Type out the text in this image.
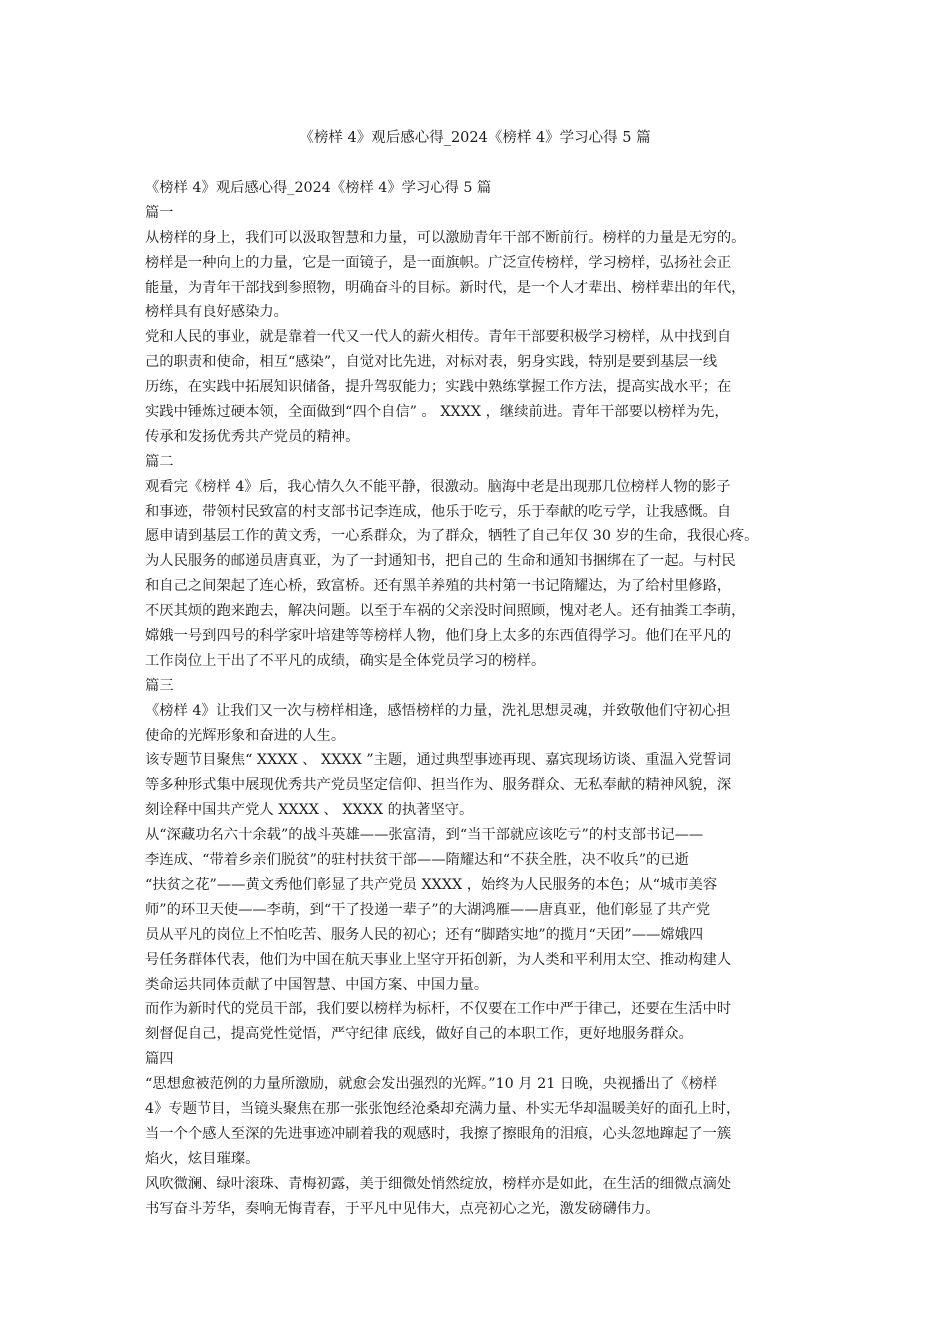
《榜样 4》观后感心得_2024《榜样 4》学习心得 5 篇

《榜样 4》观后感心得_2024《榜样 4》学习心得 5 篇

篇一

从榜样的身上，我们可以汲取智慧和力量，可以激励青年干部不断前行。榜样的力量是无穷的。

榜样是一种向上的力量，它是一面镜子，是一面旗帜。广泛宣传榜样，学习榜样，弘扬社会正

能量，为青年干部找到参照物，明确奋斗的目标。新时代，是一个人才辈出、榜样辈出的年代，

榜样具有良好感染力。

党和人民的事业，就是靠着一代又一代人的薪火相传。青年干部要积极学习榜样，从中找到自

己的职责和使命，相互“感染”，自觉对比先进，对标对表，躬身实践，特别是要到基层一线

历练，在实践中拓展知识储备，提升驾驭能力；实践中熟练掌握工作方法，提高实战水平；在

实践中锤炼过硬本领，全面做到“四个自信” 。 XXXX ，继续前进。青年干部要以榜样为先，

传承和发扬优秀共产党员的精神。

篇二

观看完《榜样 4》后，我心情久久不能平静，很激动。脑海中老是出现那几位榜样人物的影子

和事迹，带领村民致富的村支部书记李连成，他乐于吃亏，乐于奉献的吃亏学，让我感慨。自

愿申请到基层工作的黄文秀，一心系群众，为了群众，牺牲了自己年仅 30 岁的生命，我很心疼。

为人民服务的邮递员唐真亚，为了一封通知书，把自己的 生命和通知书捆绑在了一起。与村民

和自己之间架起了连心桥，致富桥。还有黑羊养殖的共村第一书记隋耀达，为了给村里修路，

不厌其烦的跑来跑去，解决问题。以至于车祸的父亲没时间照顾，愧对老人。还有抽粪工李萌，

嫦娥一号到四号的科学家叶培建等等榜样人物，他们身上太多的东西值得学习。他们在平凡的

工作岗位上干出了不平凡的成绩，确实是全体党员学习的榜样。

篇三

《榜样 4》让我们又一次与榜样相逢，感悟榜样的力量，洗礼思想灵魂，并致敬他们守初心担

使命的光辉形象和奋进的人生。

该专题节目聚焦“ XXXX 、 XXXX ”主题，通过典型事迹再现、嘉宾现场访谈、重温入党誓词

等多种形式集中展现优秀共产党员坚定信仰、担当作为、服务群众、无私奉献的精神风貌，深

刻诠释中国共产党人 XXXX 、 XXXX 的执著坚守。

从“深藏功名六十余载”的战斗英雄——张富清，到“当干部就应该吃亏”的村支部书记——

李连成、“带着乡亲们脱贫”的驻村扶贫干部——隋耀达和“不获全胜，决不收兵”的已逝

“扶贫之花”——黄文秀他们彰显了共产党员 XXXX ，始终为人民服务的本色；从“城市美容

师”的环卫天使——李萌，到“干了投递一辈子”的大湖鸿雁——唐真亚，他们彰显了共产党

员从平凡的岗位上不怕吃苦、服务人民的初心；还有“脚踏实地”的揽月“天团”——嫦娥四

号任务群体代表，他们为中国在航天事业上坚守开拓创新，为人类和平利用太空、推动构建人

类命运共同体贡献了中国智慧、中国方案、中国力量。

而作为新时代的党员干部，我们要以榜样为标杆，不仅要在工作中严于律己，还要在生活中时

刻督促自己，提高党性觉悟，严守纪律 底线，做好自己的本职工作，更好地服务群众。

篇四

“思想愈被范例的力量所激励，就愈会发出强烈的光辉。”10 月 21 日晚，央视播出了《榜样

4》专题节目，当镜头聚焦在那一张张饱经沧桑却充满力量、朴实无华却温暖美好的面孔上时，

当一个个感人至深的先进事迹冲刷着我的观感时，我擦了擦眼角的泪痕，心头忽地蹿起了一簇

焰火，炫目璀璨。

风吹微澜、绿叶滚珠、青梅初露，美于细微处悄然绽放，榜样亦是如此，在生活的细微点滴处

书写奋斗芳华，奏响无悔青春，于平凡中见伟大，点亮初心之光，激发磅礴伟力。
